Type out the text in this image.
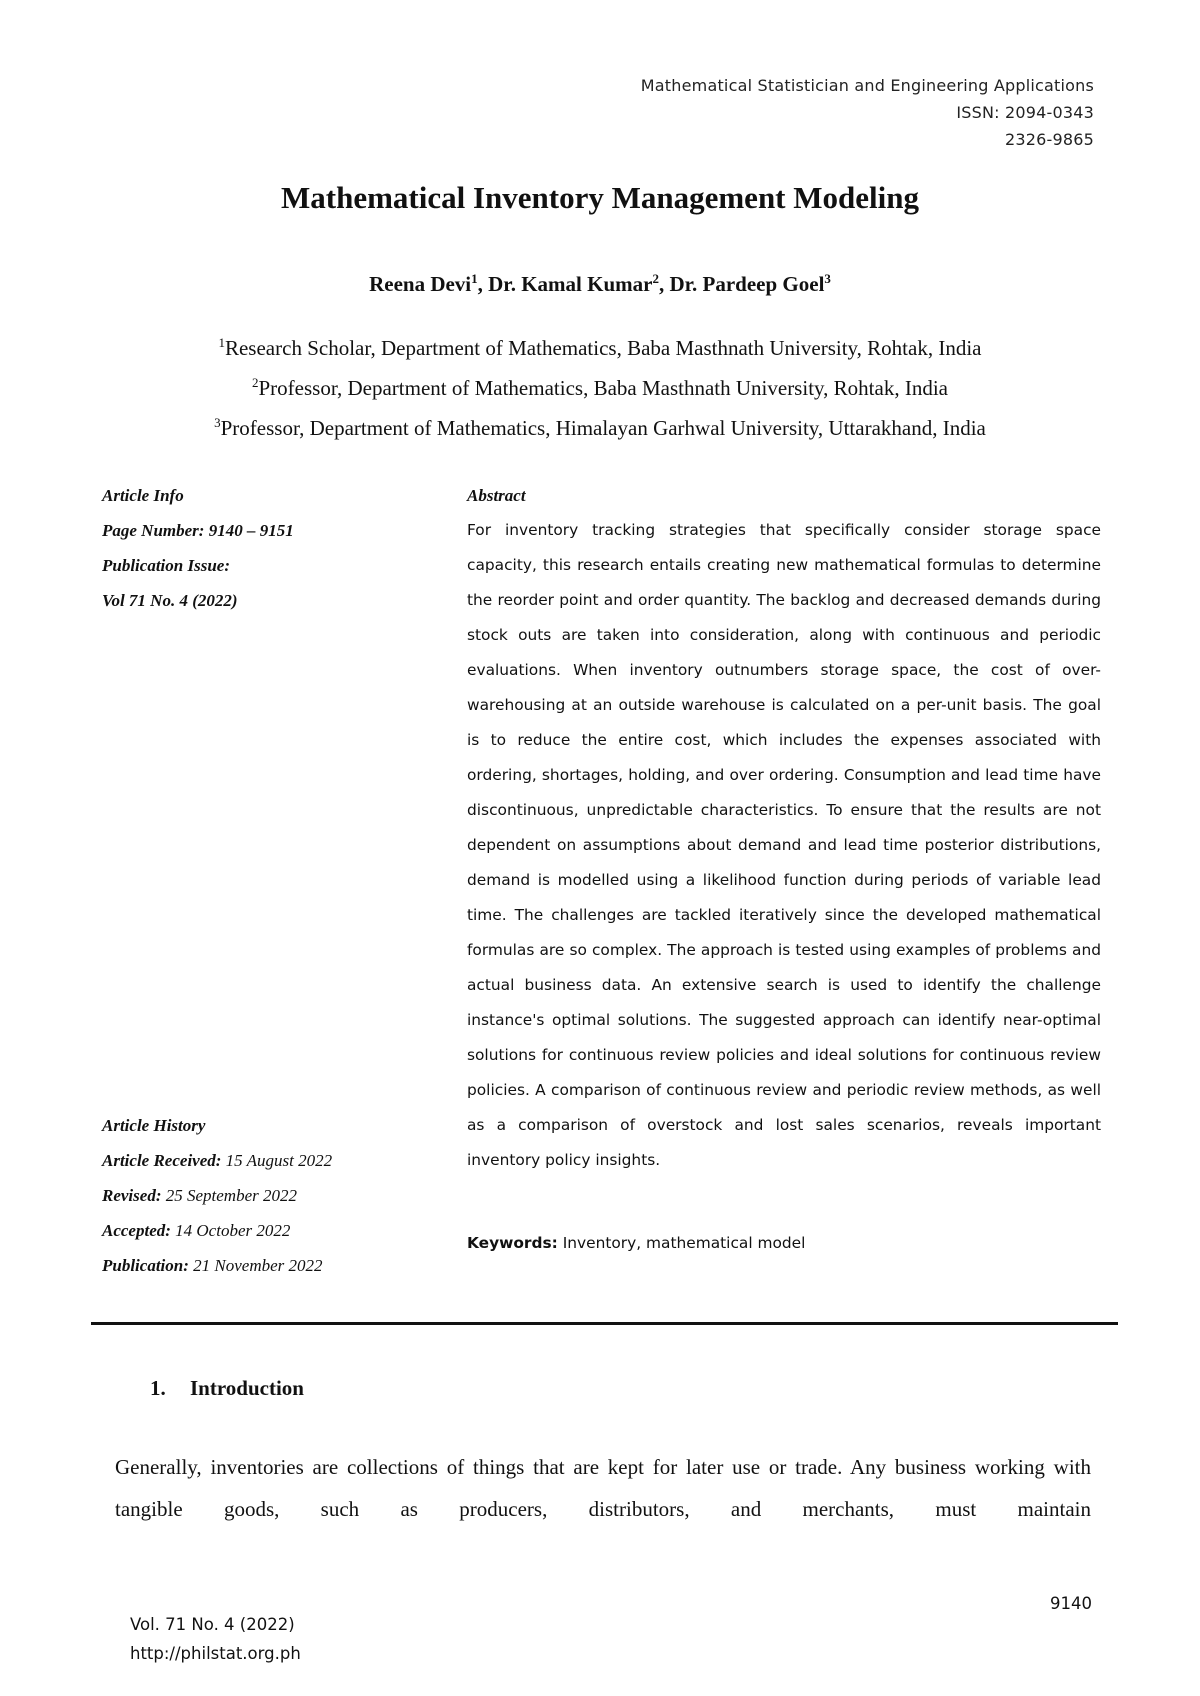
Mathematical Statistician and Engineering Applications
ISSN: 2094-0343
2326-9865
Mathematical Inventory Management Modeling
Reena Devi$^1$, Dr. Kamal Kumar$^2$, Dr. Pardeep Goel$^3$
$^1$Research Scholar, Department of Mathematics, Baba Masthnath University, Rohtak, India
$^2$Professor, Department of Mathematics, Baba Masthnath University, Rohtak, India
$^3$Professor, Department of Mathematics, Himalayan Garhwal University, Uttarakhand, India
Article Info
Page Number: 9140 – 9151
Publication Issue:
Vol 71 No. 4 (2022)
Article History
Article Received: 15 August 2022
Revised: 25 September 2022
Accepted: 14 October 2022
Publication: 21 November 2022
Abstract
For inventory tracking strategies that specifically consider storage space capacity, this research entails creating new mathematical formulas to determine the reorder point and order quantity. The backlog and decreased demands during stock outs are taken into consideration, along with continuous and periodic evaluations. When inventory outnumbers storage space, the cost of over-warehousing at an outside warehouse is calculated on a per-unit basis. The goal is to reduce the entire cost, which includes the expenses associated with ordering, shortages, holding, and over ordering. Consumption and lead time have discontinuous, unpredictable characteristics. To ensure that the results are not dependent on assumptions about demand and lead time posterior distributions, demand is modelled using a likelihood function during periods of variable lead time. The challenges are tackled iteratively since the developed mathematical formulas are so complex. The approach is tested using examples of problems and actual business data. An extensive search is used to identify the challenge instance's optimal solutions. The suggested approach can identify near-optimal solutions for continuous review policies and ideal solutions for continuous review policies. A comparison of continuous review and periodic review methods, as well as a comparison of overstock and lost sales scenarios, reveals important inventory policy insights.
Keywords: Inventory, mathematical model
1. Introduction
Generally, inventories are collections of things that are kept for later use or trade. Any business working with tangible goods, such as producers, distributors, and merchants, must maintain
Vol. 71 No. 4 (2022)
http://philstat.org.ph
9140
